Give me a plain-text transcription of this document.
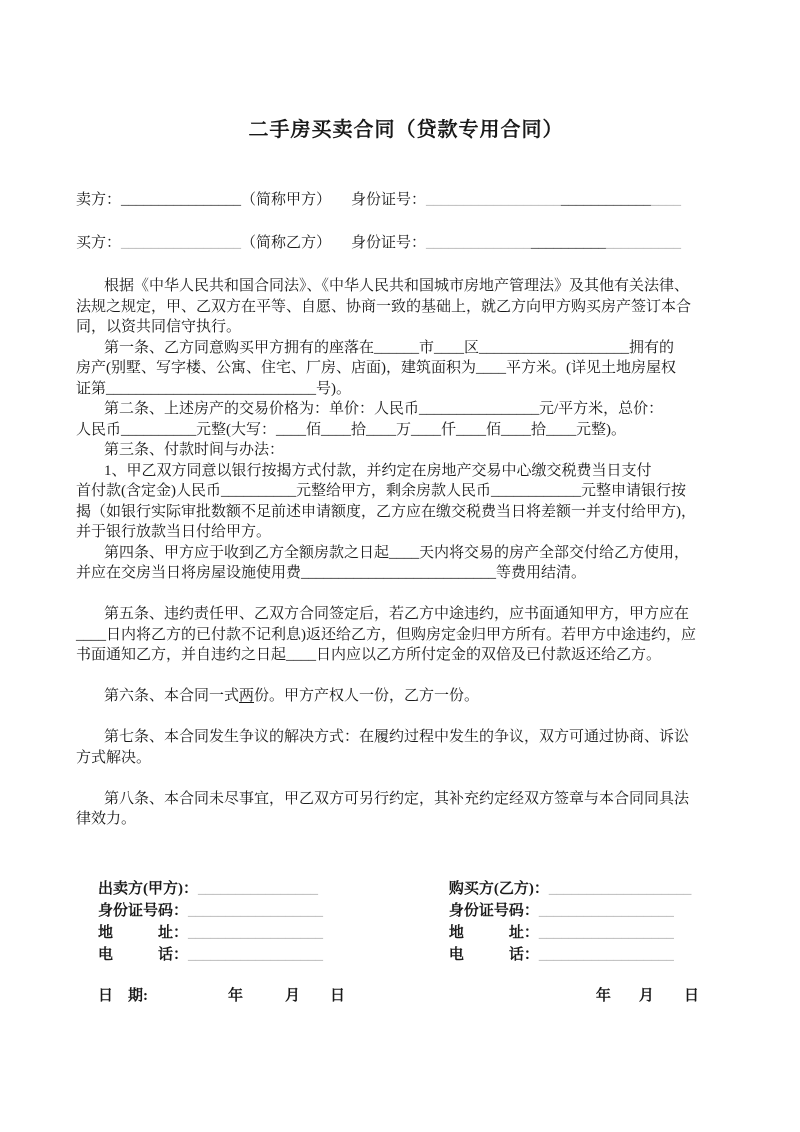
二手房买卖合同（贷款专用合同）
卖方：________________（简称甲方） 身份证号：__________________________________
买方：________________（简称乙方） 身份证号：__________________________________
根据《中华人民共和国合同法》、《中华人民共和国城市房地产管理法》及其他有关法律、
法规之规定，甲、乙双方在平等、自愿、协商一致的基础上，就乙方向甲方购买房产签订本合
同，以资共同信守执行。
第一条、乙方同意购买甲方拥有的座落在______市____区____________________拥有的
房产(别墅、写字楼、公寓、住宅、厂房、店面)，建筑面积为____平方米。(详见土地房屋权
证第____________________________号)。
第二条、上述房产的交易价格为：单价：人民币________________元/平方米，总价：
人民币__________元整(大写：____佰____拾____万____仟____佰____拾____元整)。
第三条、付款时间与办法：
1、甲乙双方同意以银行按揭方式付款，并约定在房地产交易中心缴交税费当日支付
首付款(含定金)人民币__________元整给甲方，剩余房款人民币____________元整申请银行按
揭（如银行实际审批数额不足前述申请额度，乙方应在缴交税费当日将差额一并支付给甲方)，
并于银行放款当日付给甲方。
第四条、甲方应于收到乙方全额房款之日起____天内将交易的房产全部交付给乙方使用，
并应在交房当日将房屋设施使用费__________________________等费用结清。
第五条、违约责任甲、乙双方合同签定后，若乙方中途违约，应书面通知甲方，甲方应在
____日内将乙方的已付款不记利息)返还给乙方，但购房定金归甲方所有。若甲方中途违约，应
书面通知乙方，并自违约之日起____日内应以乙方所付定金的双倍及已付款返还给乙方。
第六条、本合同一式两份。甲方产权人一份，乙方一份。
第七条、本合同发生争议的解决方式：在履约过程中发生的争议，双方可通过协商、诉讼
方式解决。
第八条、本合同未尽事宜，甲乙双方可另行约定，其补充约定经双方签章与本合同同具法
律效力。
出卖方(甲方)：________________
身份证号码：__________________
地　　　址：__________________
电　　　话：__________________
日　期:	年	月 日
购买方(乙方)：___________________
身份证号码：__________________
地　　　址：__________________
电　　　话：__________________
年 月 日
